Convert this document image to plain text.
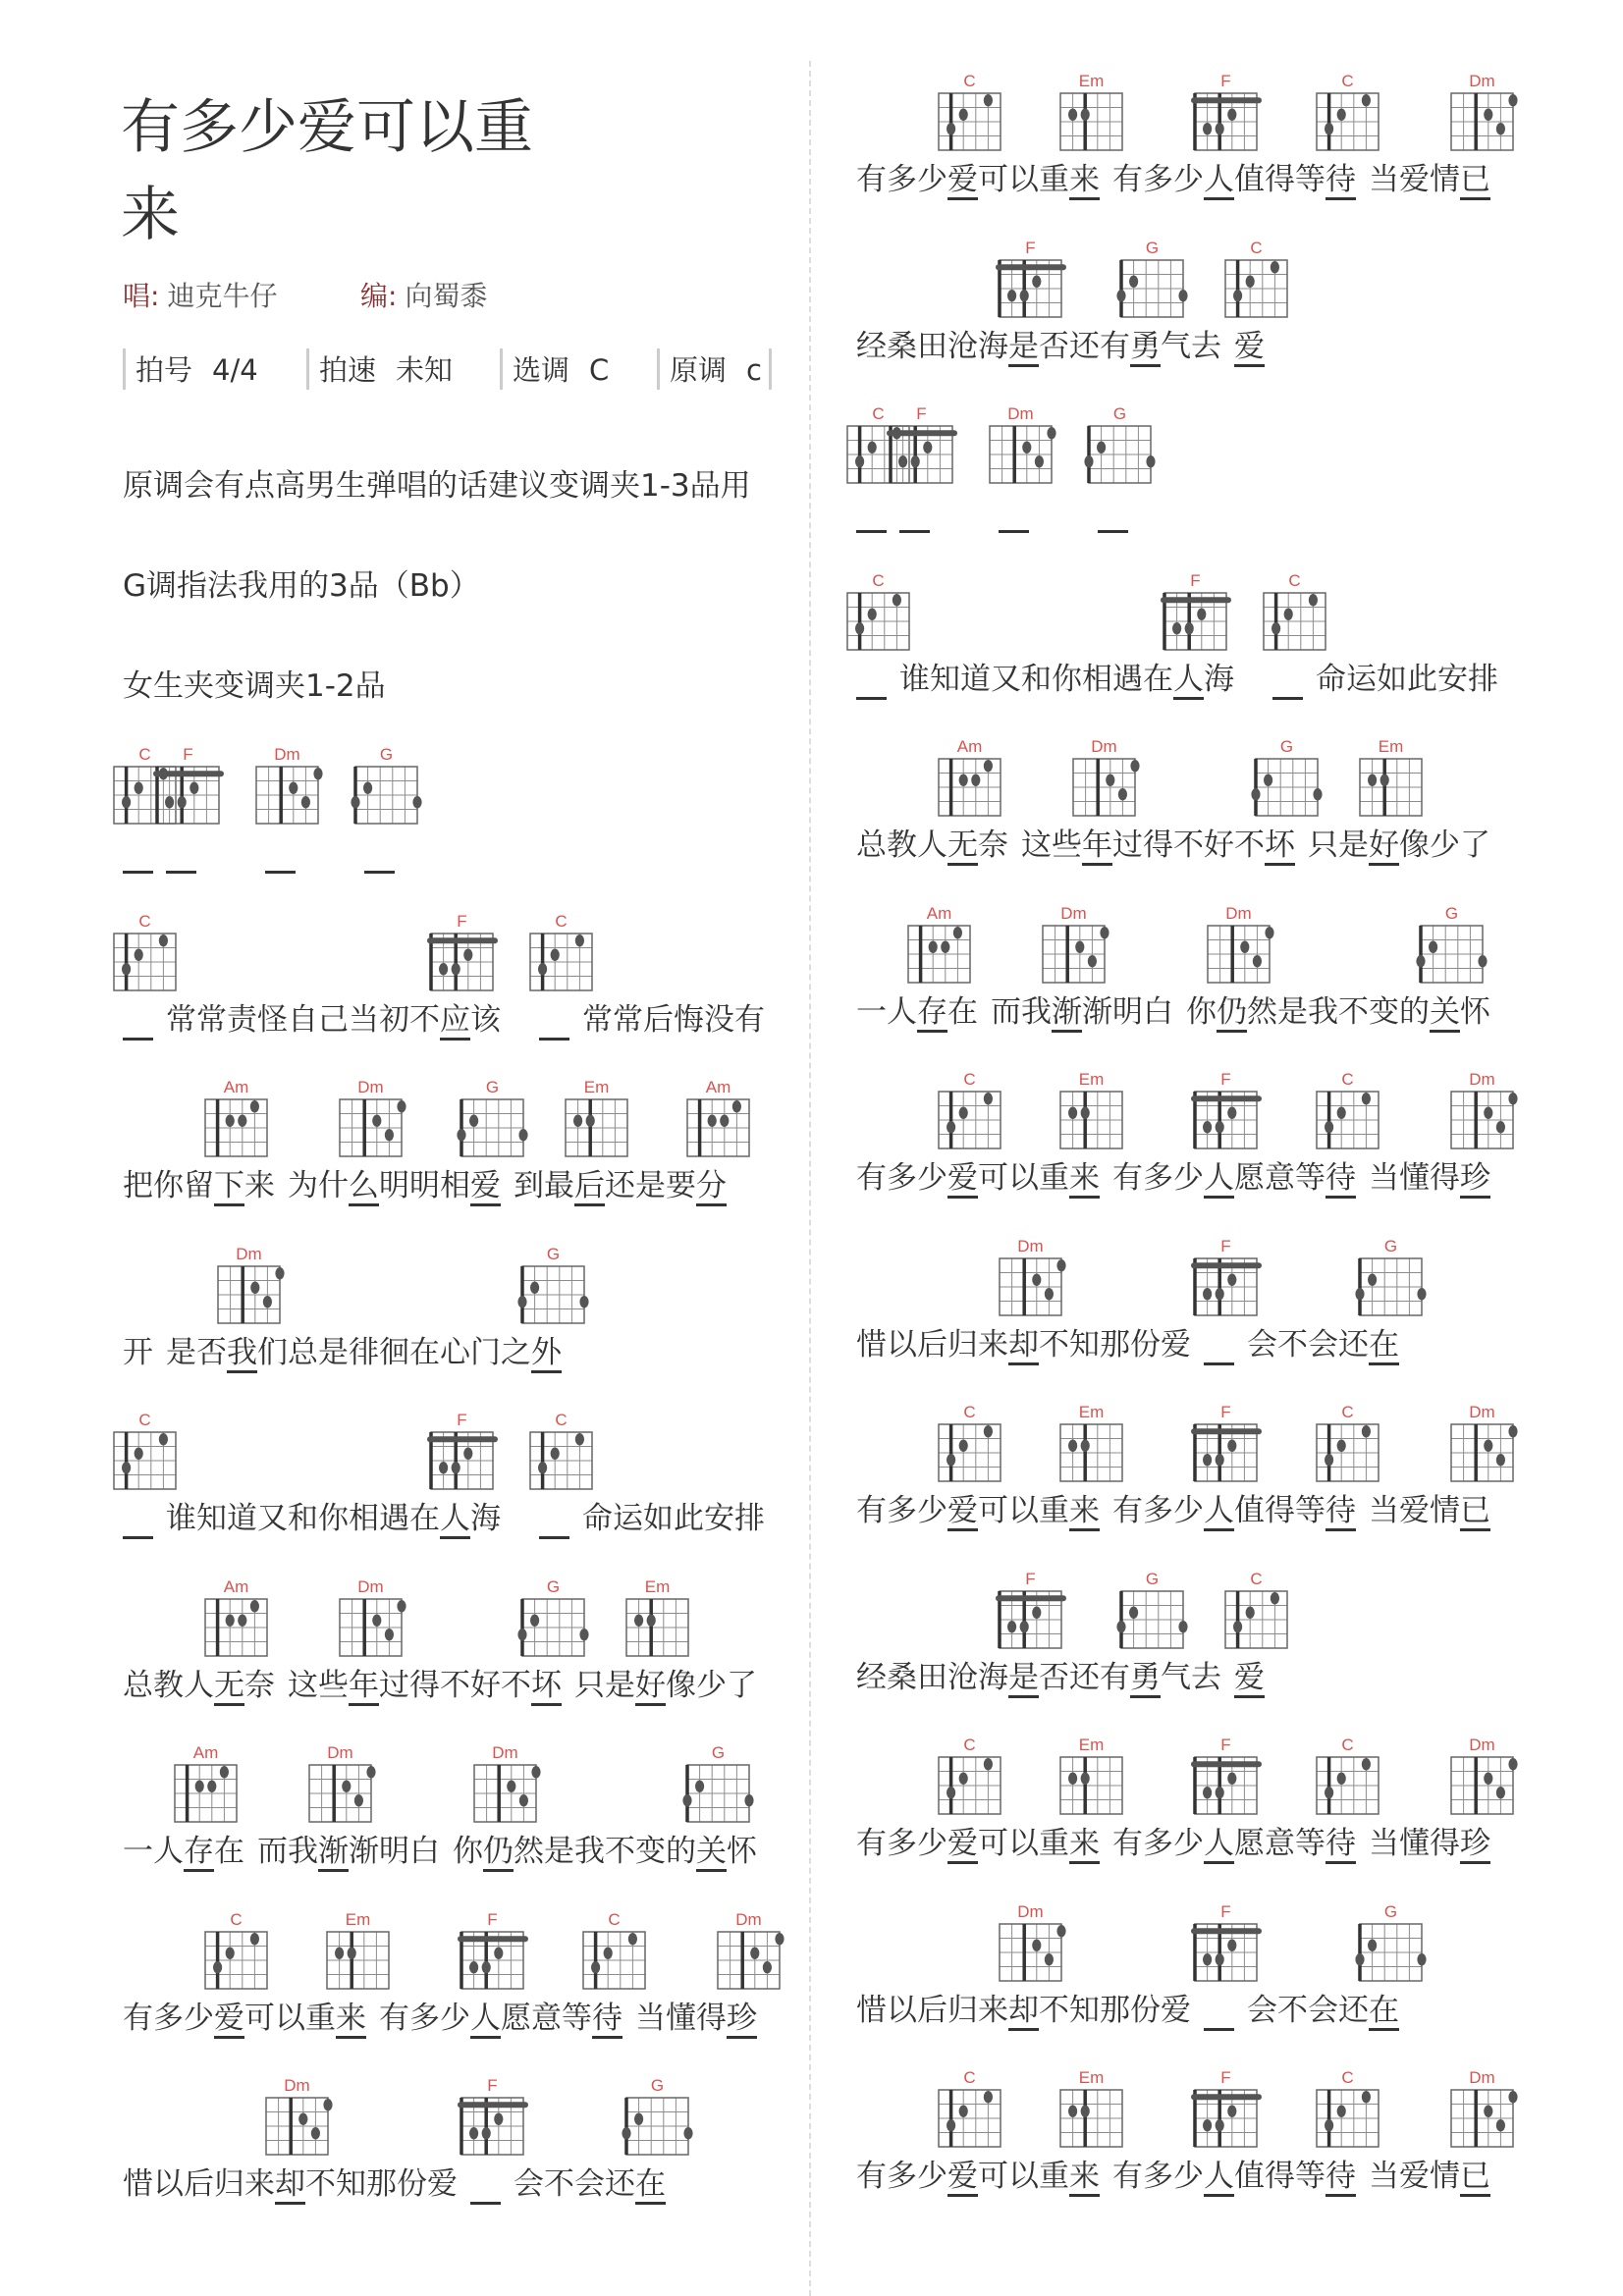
有多少爱可以重来
唱: 迪克牛仔	编: 向蜀黍
拍号 4/4	拍速 未知	选调 C	原调 c
原调会有点高男生弹唱的话建议变调夹1-3品用
G调指法我用的3品（Bb）
女生夹变调夹1-2品

C
　	F
　  　	Dm
　  　	G

C
常常责怪自己当初不应
F
该   　
C
常常后悔没有
把你留下
Am
来 为什么
Dm
明明相爱
G
到最后
Em
还是要分
Am
开 是否我
Dm
们总是徘徊在心门之外
G

C
谁知道又和你相遇在人
F
海   　
C
命运如此安排
总教人无
Am
奈 这些年
Dm
过得不好不坏
G
只是好
Em
像少了
一人存
Am
在 而我渐
Dm
渐明白 你仍
Dm
然是我不变的关
G
怀
有多少爱
C
可以重来
Em
有多少人
F
愿意等待
C
当懂得珍
Dm
惜以后归来却
Dm
不知那份爱 　
F
会不会还在
G
有多少爱
C
可以重来
Em
有多少人
F
值得等待
C
当爱情已
Dm
经桑田沧海是
F
否还有勇
G
气去 爱
C

C
　	F
　  　	Dm
　  　	G

C
谁知道又和你相遇在人
F
海   　
C
命运如此安排
总教人无
Am
奈 这些年
Dm
过得不好不坏
G
只是好
Em
像少了
一人存
Am
在 而我渐
Dm
渐明白 你仍
Dm
然是我不变的关
G
怀
有多少爱
C
可以重来
Em
有多少人
F
愿意等待
C
当懂得珍
Dm
惜以后归来却
Dm
不知那份爱 　
F
会不会还在
G
有多少爱
C
可以重来
Em
有多少人
F
值得等待
C
当爱情已
Dm
经桑田沧海是
F
否还有勇
G
气去 爱
C
有多少爱
C
可以重来
Em
有多少人
F
愿意等待
C
当懂得珍
Dm
惜以后归来却
Dm
不知那份爱 　
F
会不会还在
G
有多少爱
C
可以重来
Em
有多少人
F
值得等待
C
当爱情已
Dm
